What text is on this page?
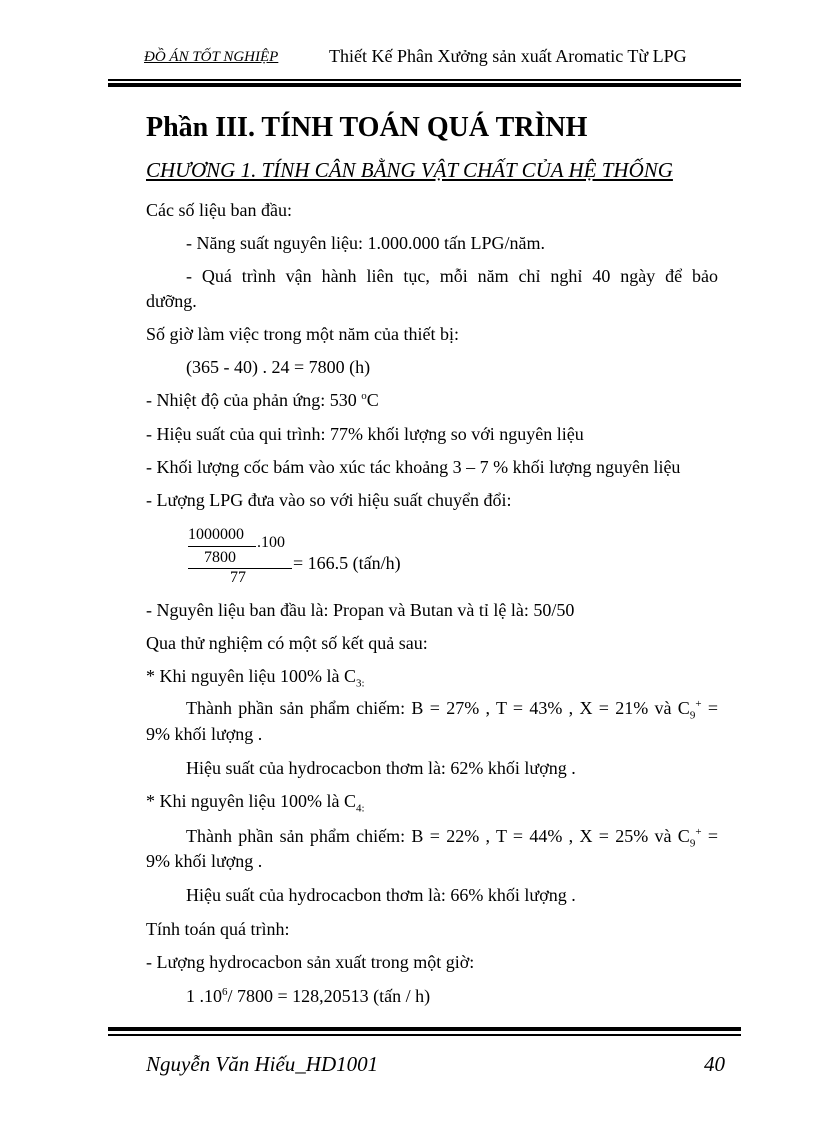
ĐỒ ÁN TỐT NGHIỆP	Thiết Kế Phân Xưởng sản xuất Aromatic Từ LPG
Phần III. TÍNH TOÁN QUÁ TRÌNH
CHƯƠNG 1. TÍNH CÂN BẰNG VẬT CHẤT CỦA HỆ THỐNG
Các số liệu ban đầu:
- Năng suất nguyên liệu: 1.000.000 tấn LPG/năm.
- Quá trình vận hành liên tục, mỗi năm chỉ nghỉ 40 ngày để bảo
dưỡng.
Số giờ làm việc trong một năm của thiết bị:
(365 - 40) . 24 = 7800 (h)
- Nhiệt độ của phản ứng: 530 $^o$C
- Hiệu suất của qui trình: 77% khối lượng so với nguyên liệu
- Khối lượng cốc bám vào xúc tác khoảng 3 – 7 % khối lượng nguyên liệu
- Lượng LPG đưa vào so với hiệu suất chuyển đổi:
1000000 .100
7800
77
= 166.5 (tấn/h)
- Nguyên liệu ban đầu là: Propan và Butan và tỉ lệ là: 50/50
Qua thử nghiệm có một số kết quả sau:
* Khi nguyên liệu 100% là $C_{3:}$
Thành phần sản phẩm chiếm: B = 27% , T = 43% , X = 21% và $C_9^+$ =
9% khối lượng .
Hiệu suất của hydrocacbon thơm là: 62% khối lượng .
* Khi nguyên liệu 100% là $C_{4:}$
Thành phần sản phẩm chiếm: B = 22% , T = 44% , X = 25% và $C_9^+$ =
9% khối lượng .
Hiệu suất của hydrocacbon thơm là: 66% khối lượng .
Tính toán quá trình:
- Lượng hydrocacbon sản xuất trong một giờ:
1 $.10^6/$ 7800 = 128,20513 (tấn / h)
Nguyễn Văn Hiếu_HD1001	40
